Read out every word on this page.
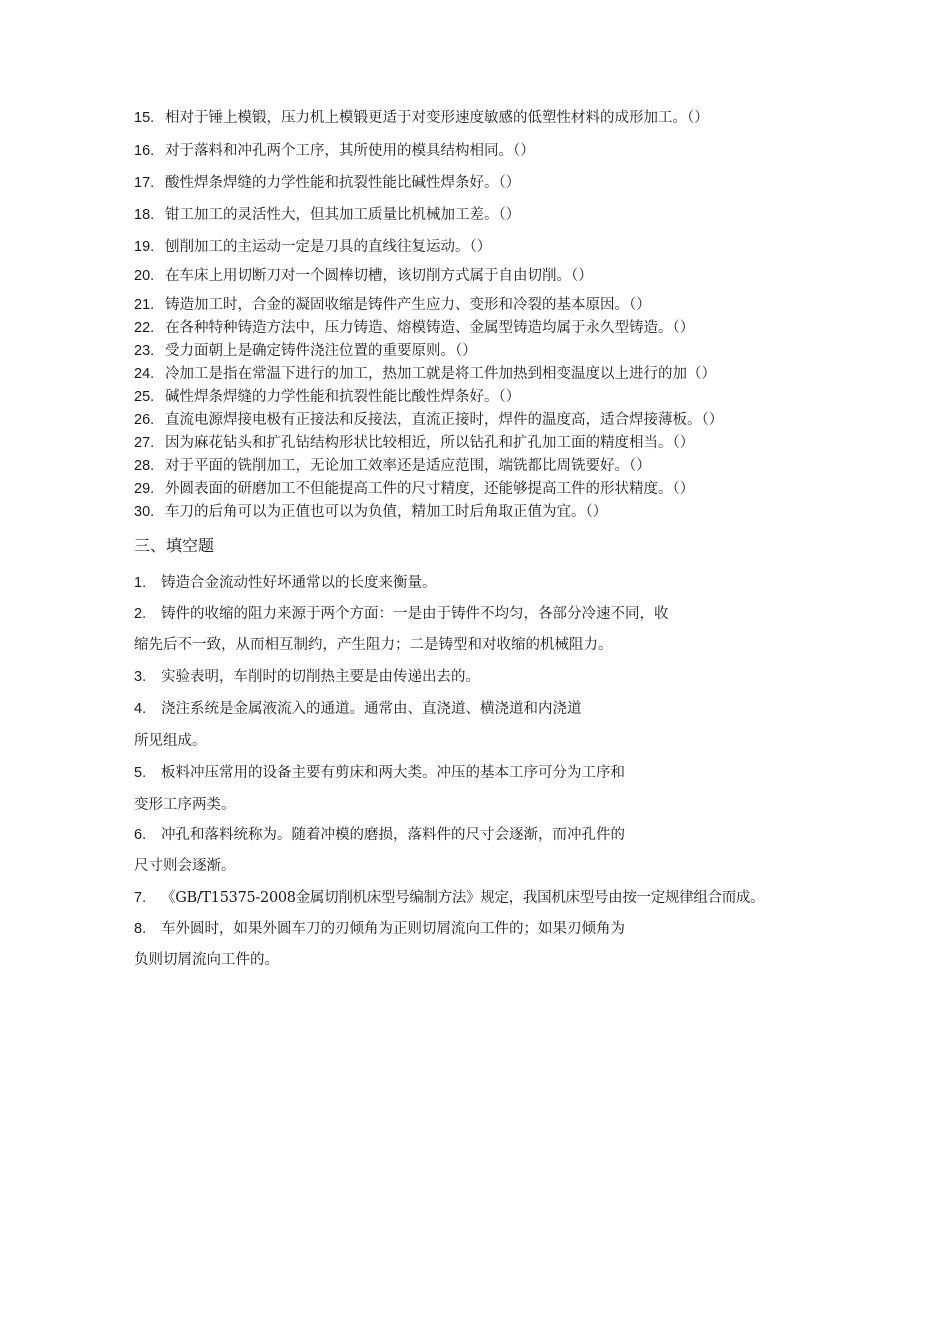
15. 相对于锤上模锻，压力机上模锻更适于对变形速度敏感的低塑性材料的成形加工。（）
16. 对于落料和冲孔两个工序，其所使用的模具结构相同。（）
17. 酸性焊条焊缝的力学性能和抗裂性能比碱性焊条好。（）
18. 钳工加工的灵活性大，但其加工质量比机械加工差。（）
19. 刨削加工的主运动一定是刀具的直线往复运动。（）
20. 在车床上用切断刀对一个圆棒切槽，该切削方式属于自由切削。（）
21. 铸造加工时，合金的凝固收缩是铸件产生应力、变形和冷裂的基本原因。（）
22. 在各种特种铸造方法中，压力铸造、熔模铸造、金属型铸造均属于永久型铸造。（）
23. 受力面朝上是确定铸件浇注位置的重要原则。（）
24. 冷加工是指在常温下进行的加工，热加工就是将工件加热到相变温度以上进行的加（）
25. 碱性焊条焊缝的力学性能和抗裂性能比酸性焊条好。（）
26. 直流电源焊接电极有正接法和反接法，直流正接时，焊件的温度高，适合焊接薄板。（）
27. 因为麻花钻头和扩孔钻结构形状比较相近，所以钻孔和扩孔加工面的精度相当。（）
28. 对于平面的铣削加工，无论加工效率还是适应范围，端铣都比周铣要好。（）
29. 外圆表面的研磨加工不但能提高工件的尺寸精度，还能够提高工件的形状精度。（）
30. 车刀的后角可以为正值也可以为负值，精加工时后角取正值为宜。（）
三、填空题
1. 铸造合金流动性好坏通常以的长度来衡量。
2. 铸件的收缩的阻力来源于两个方面：一是由于铸件不均匀，各部分冷速不同，收
缩先后不一致，从而相互制约，产生阻力；二是铸型和对收缩的机械阻力。
3. 实验表明，车削时的切削热主要是由传递出去的。
4. 浇注系统是金属液流入的通道。通常由、直浇道、横浇道和内浇道
所见组成。
5. 板料冲压常用的设备主要有剪床和两大类。冲压的基本工序可分为工序和
变形工序两类。
6. 冲孔和落料统称为。随着冲模的磨损，落料件的尺寸会逐渐，而冲孔件的
尺寸则会逐渐。
7. 《GB/T15375-2008金属切削机床型号编制方法》规定，我国机床型号由按一定规律组合而成。
8. 车外圆时，如果外圆车刀的刃倾角为正则切屑流向工件的；如果刃倾角为
负则切屑流向工件的。
